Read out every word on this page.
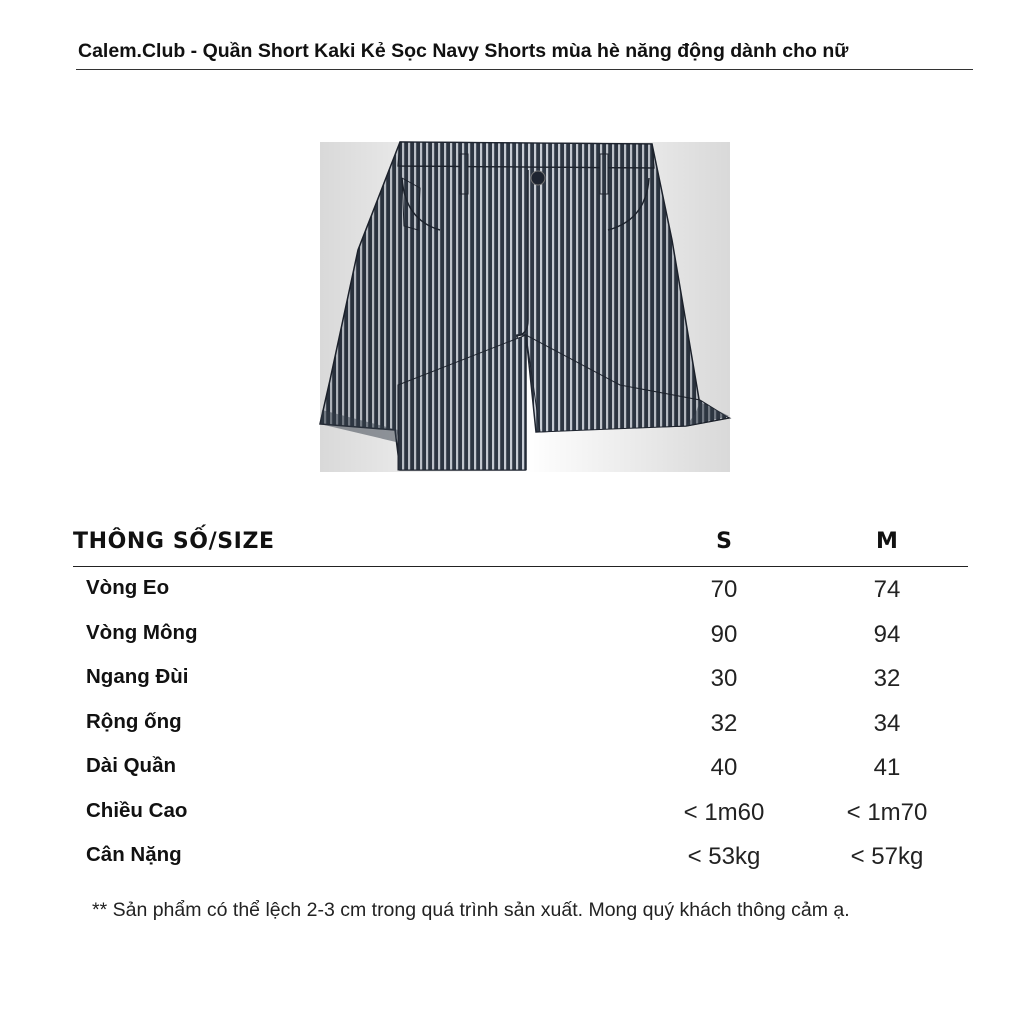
Calem.Club - Quần Short Kaki Kẻ Sọc Navy Shorts mùa hè năng động dành cho nữ
THÔNG SỐ/SIZE	S	M
Vòng Eo	70	74
Vòng Mông	90	94
Ngang Đùi	30	32
Rộng ống	32	34
Dài Quần	40	41
Chiều Cao	< 1m60	< 1m70
Cân Nặng	< 53kg	< 57kg
** Sản phẩm có thể lệch 2-3 cm trong quá trình sản xuất. Mong quý khách thông cảm ạ.
